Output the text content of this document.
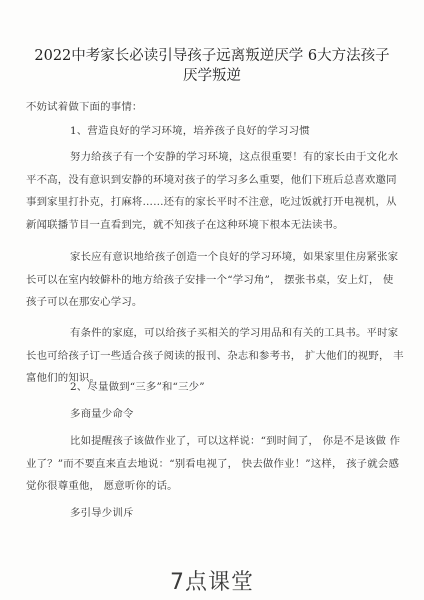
2022中考家长必读引导孩子远离叛逆厌学 6大方法孩子厌学叛逆
不妨试着做下面的事情：
1、营造良好的学习环境，培养孩子良好的学习习惯
努力给孩子有一个安静的学习环境，这点很重要！有的家长由于文化水平不高，没有意识到安静的环境对孩子的学习多么重要，他们下班后总喜欢邀同事到家里打扑克，打麻将……还有的家长平时不注意，吃过饭就打开电视机，从新闻联播节目一直看到完，就不知孩子在这种环境下根本无法读书。
家长应有意识地给孩子创造一个良好的学习环境，如果家里住房紧张家长可以在室内较僻朴的地方给孩子安排一个“学习角”， 摆张书桌，安上灯， 使孩子可以在那安心学习。
有条件的家庭，可以给孩子买相关的学习用品和有关的工具书。平时家长也可给孩子订一些适合孩子阅读的报刊、杂志和参考书， 扩大他们的视野， 丰富他们的知识。
2、尽量做到“三多”和“三少”
多商量少命令
比如提醒孩子该做作业了，可以这样说：“到时间了， 你是不是该做 作业了？”而不要直来直去地说：“别看电视了， 快去做作业！”这样， 孩子就会感觉你很尊重他， 愿意听你的话。
多引导少训斥
7点课堂
